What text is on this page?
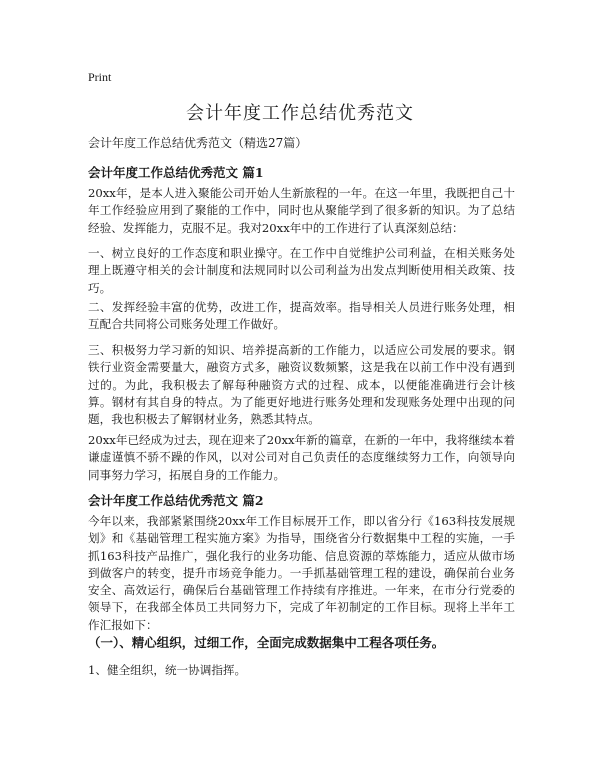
Print
会计年度工作总结优秀范文
会计年度工作总结优秀范文（精选27篇）
会计年度工作总结优秀范文 篇1
20xx年，是本人进入聚能公司开始人生新旅程的一年。在这一年里，我既把自己十年工作经验应用到了聚能的工作中，同时也从聚能学到了很多新的知识。为了总结经验、发挥能力，克服不足。我对20xx年中的工作进行了认真深刻总结：
一、树立良好的工作态度和职业操守。在工作中自觉维护公司利益，在相关账务处理上既遵守相关的会计制度和法规同时以公司利益为出发点判断使用相关政策、技巧。
二、发挥经验丰富的优势，改进工作，提高效率。指导相关人员进行账务处理，相互配合共同将公司账务处理工作做好。
三、积极努力学习新的知识、培养提高新的工作能力，以适应公司发展的要求。钢铁行业资金需要量大，融资方式多，融资议数频繁，这是我在以前工作中没有遇到过的。为此，我积极去了解每种融资方式的过程、成本，以便能准确进行会计核算。钢材有其自身的特点。为了能更好地进行账务处理和发现账务处理中出现的问题，我也积极去了解钢材业务，熟悉其特点。
20xx年已经成为过去，现在迎来了20xx年新的篇章，在新的一年中，我将继续本着谦虚谨慎不骄不躁的作风，以对公司对自己负责任的态度继续努力工作，向领导向同事努力学习，拓展自身的工作能力。
会计年度工作总结优秀范文 篇2
今年以来，我部紧紧围绕20xx年工作目标展开工作，即以省分行《163科技发展规划》和《基础管理工程实施方案》为指导，围绕省分行数据集中工程的实施，一手抓163科技产品推广，强化我行的业务功能、信息资源的萃炼能力，适应从做市场到做客户的转变，提升市场竞争能力。一手抓基础管理工程的建设，确保前台业务安全、高效运行，确保后台基础管理工作持续有序推进。一年来，在市分行党委的领导下，在我部全体员工共同努力下，完成了年初制定的工作目标。现将上半年工作汇报如下：
（一）、精心组织，过细工作，全面完成数据集中工程各项任务。
1、健全组织，统一协调指挥。
